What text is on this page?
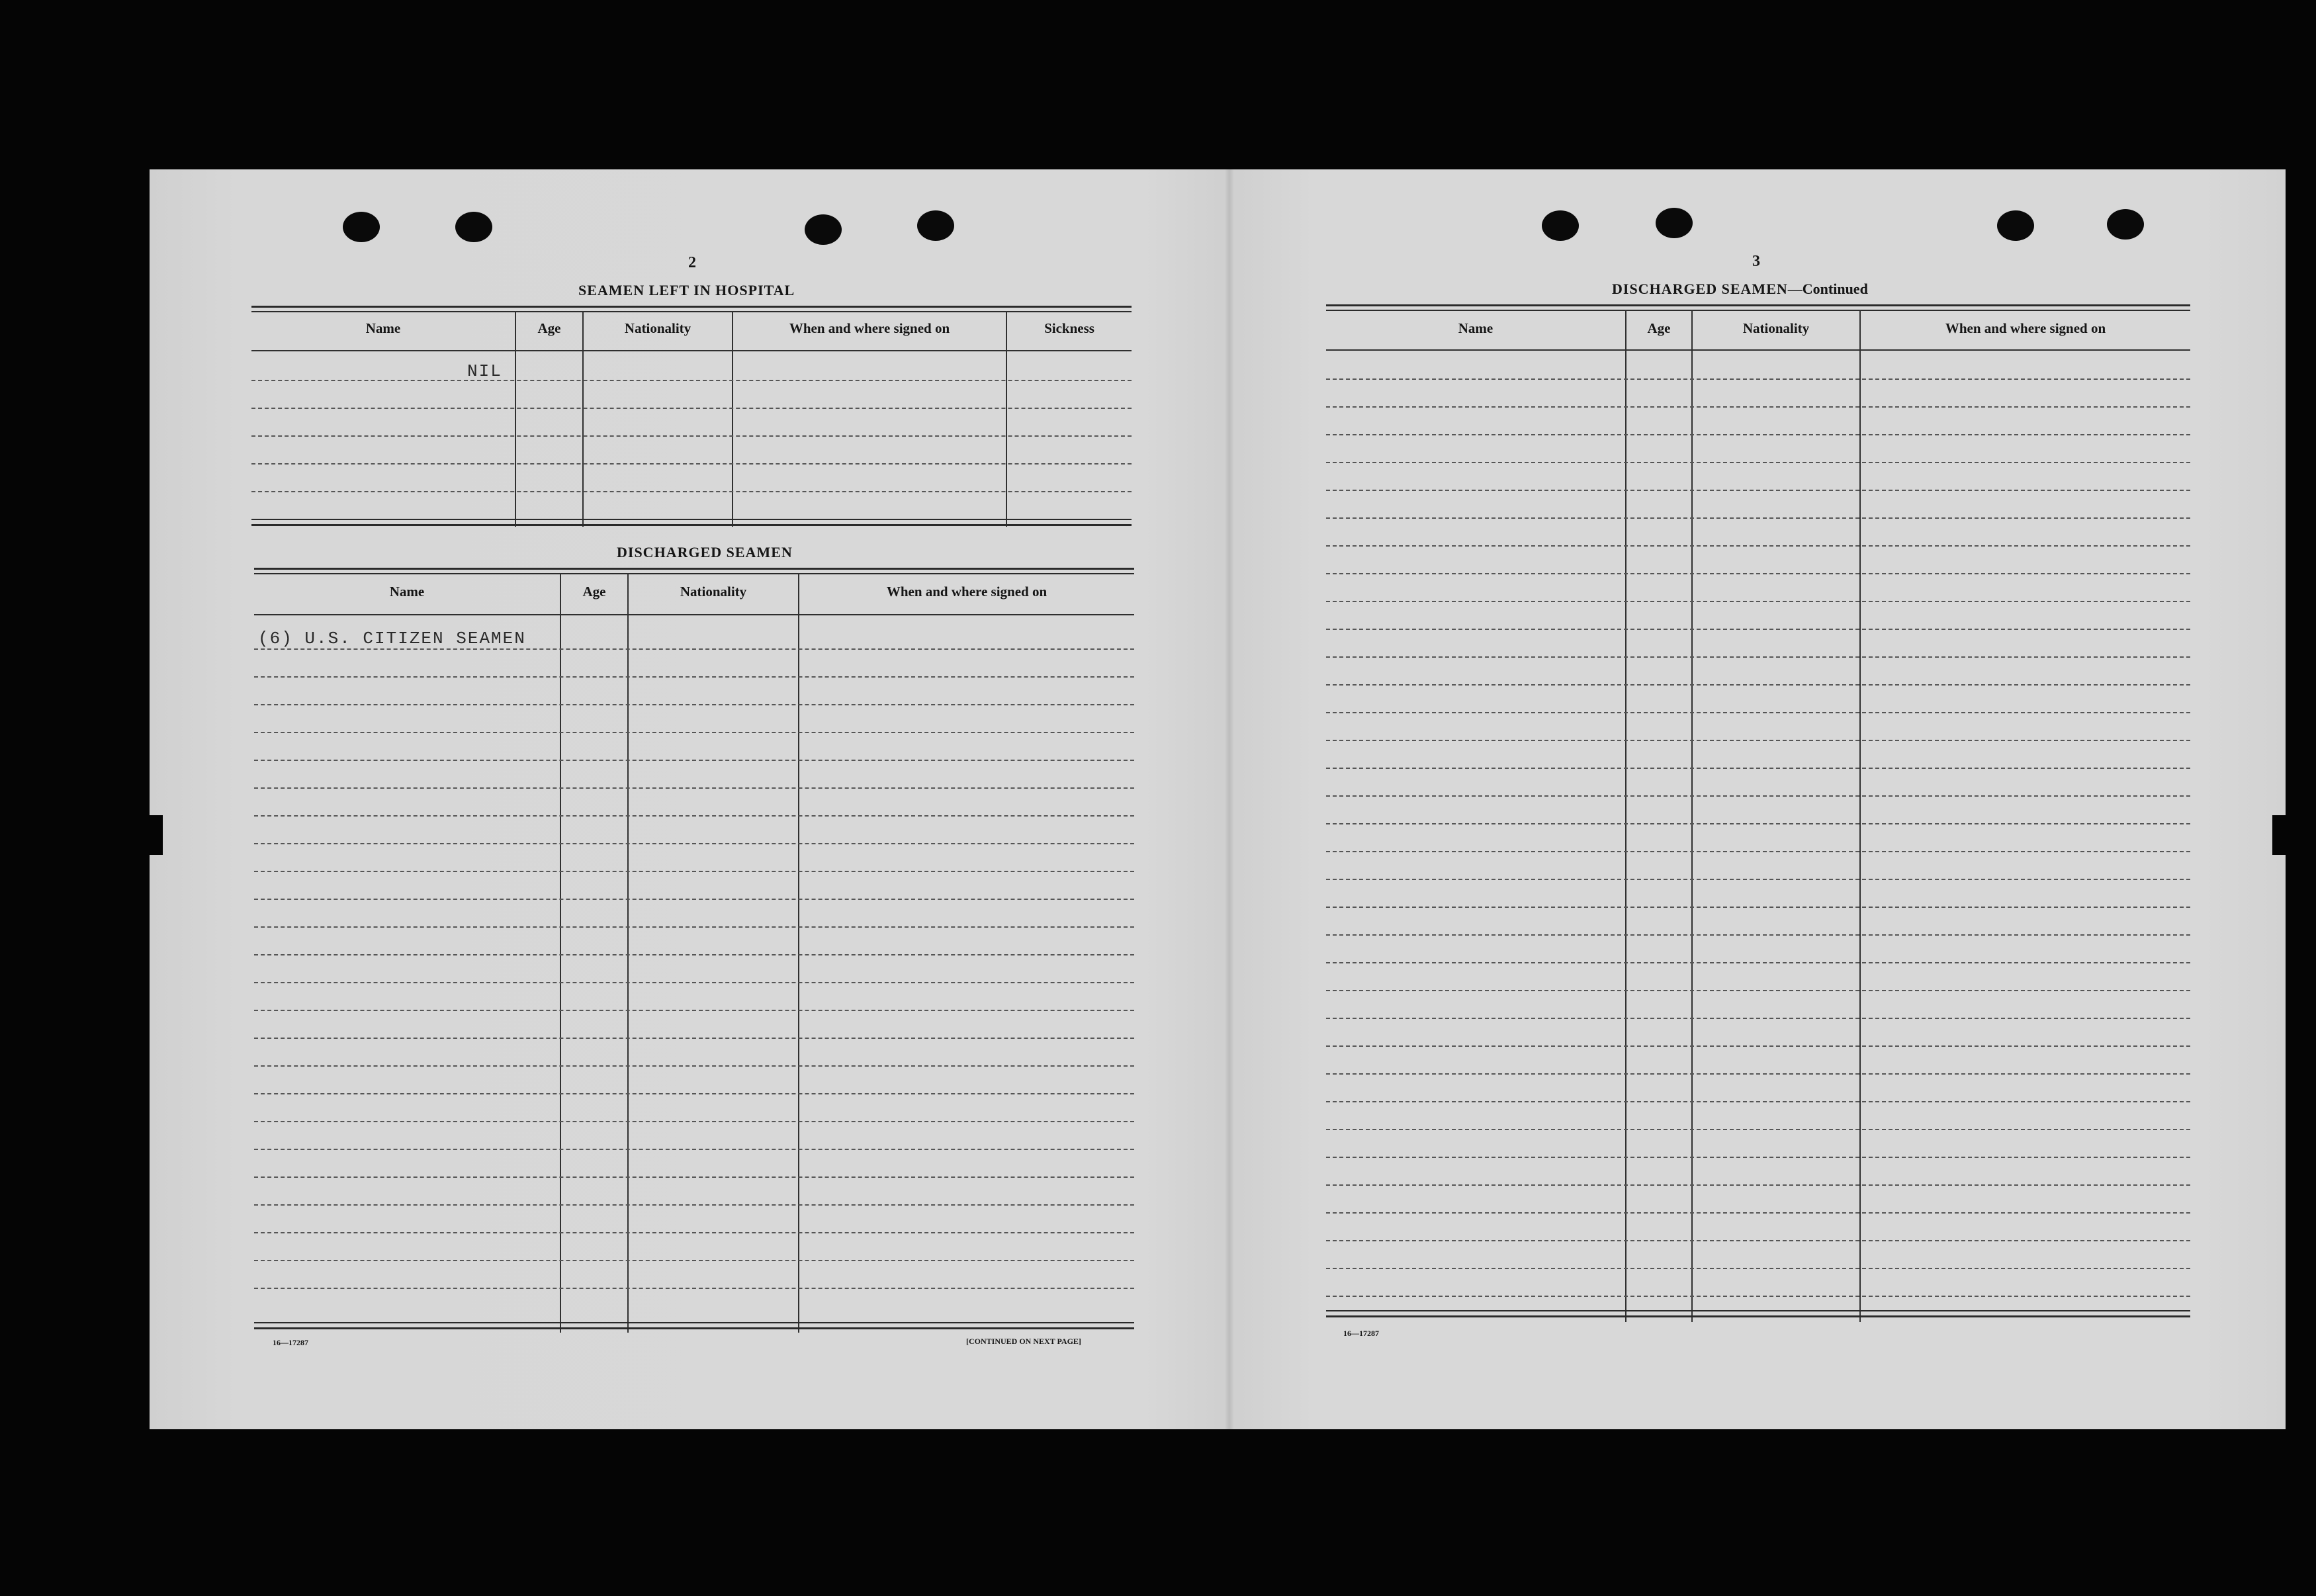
2
SEAMEN LEFT IN HOSPITAL
Name	Age	Nationality	When and where signed on	Sickness
NIL
DISCHARGED SEAMEN
Name	Age	Nationality	When and where signed on
(6) U.S. CITIZEN SEAMEN
16—17287	[CONTINUED ON NEXT PAGE]
3
DISCHARGED SEAMEN—Continued
Name	Age	Nationality	When and where signed on
16—17287
